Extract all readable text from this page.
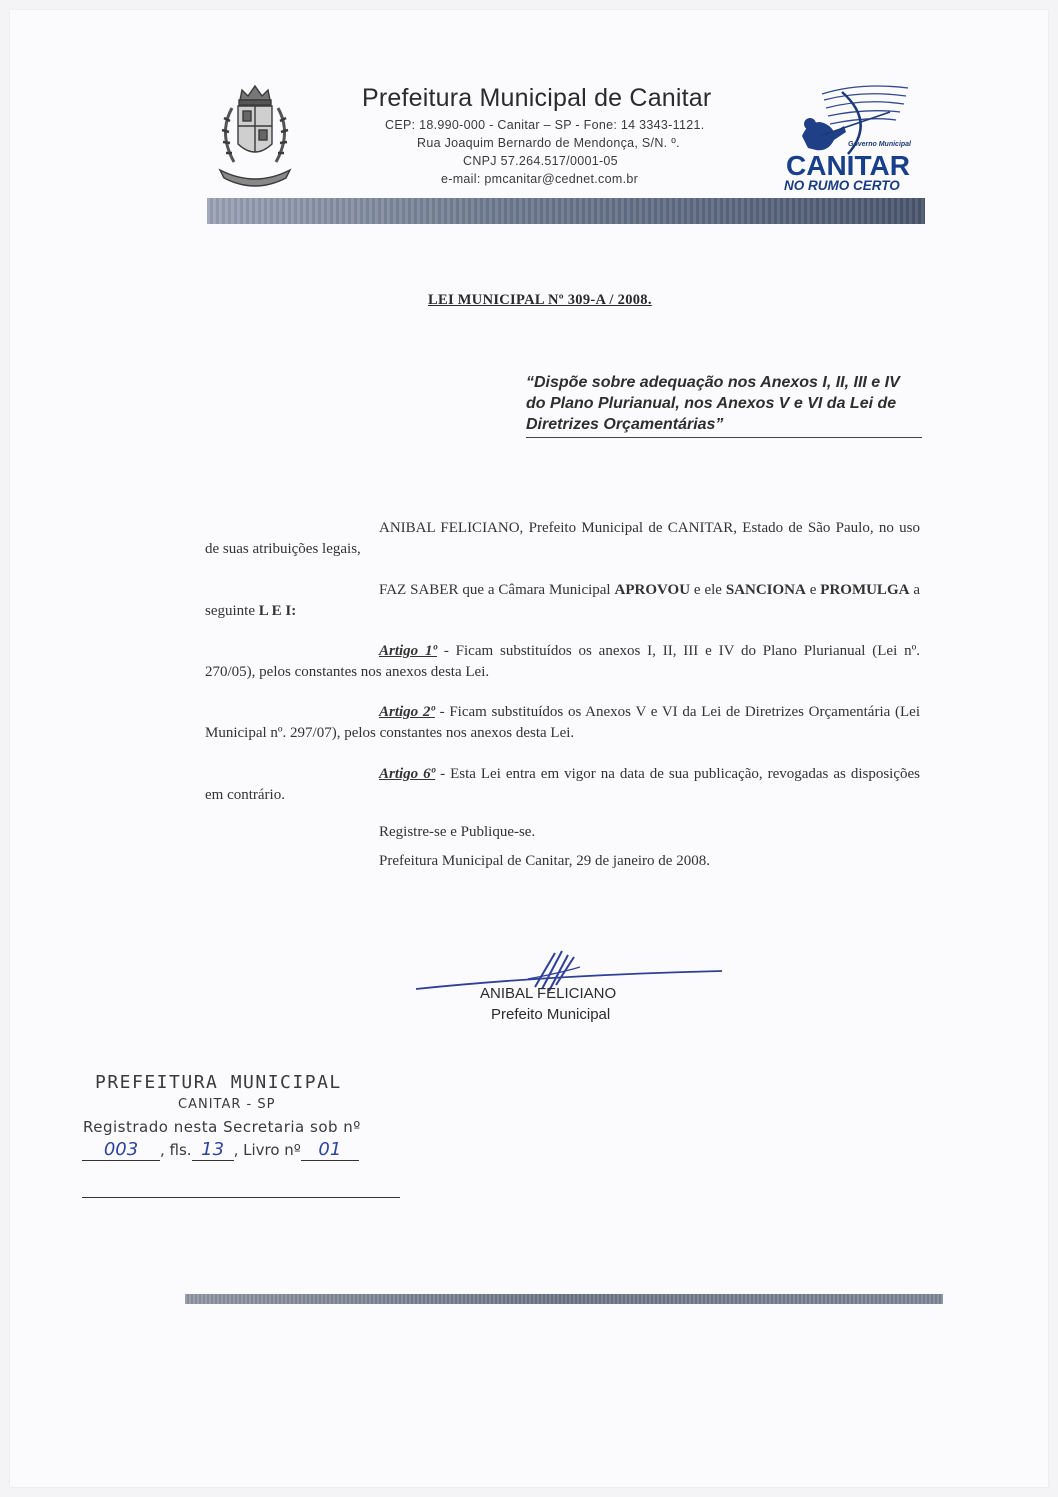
Prefeitura Municipal de Canitar
CEP: 18.990-000 - Canitar – SP - Fone: 14 3343-1121.
Rua Joaquim Bernardo de Mendonça, S/N. º.
CNPJ 57.264.517/0001-05
e-mail: pmcanitar@cednet.com.br
Governo Municipal
CANITAR
NO RUMO CERTO
LEI MUNICIPAL Nº 309-A / 2008.
“Dispõe sobre adequação nos Anexos I, II, III e IV do Plano Plurianual, nos Anexos V e VI da Lei de Diretrizes Orçamentárias”
ANIBAL FELICIANO, Prefeito Municipal de CANITAR, Estado de São Paulo, no uso de suas atribuições legais,
FAZ SABER que a Câmara Municipal APROVOU e ele SANCIONA e PROMULGA a seguinte L E I:
Artigo 1º - Ficam substituídos os anexos I, II, III e IV do Plano Plurianual (Lei nº. 270/05), pelos constantes nos anexos desta Lei.
Artigo 2º - Ficam substituídos os Anexos V e VI da Lei de Diretrizes Orçamentária (Lei Municipal nº. 297/07), pelos constantes nos anexos desta Lei.
Artigo 6º - Esta Lei entra em vigor na data de sua publicação, revogadas as disposições em contrário.
Registre-se e Publique-se.
Prefeitura Municipal de Canitar, 29 de janeiro de 2008.
ANIBAL FELICIANO
Prefeito Municipal
PREFEITURA MUNICIPAL
CANITAR - SP
Registrado nesta Secretaria sob nº
003 , fls. 13 , Livro nº 01
